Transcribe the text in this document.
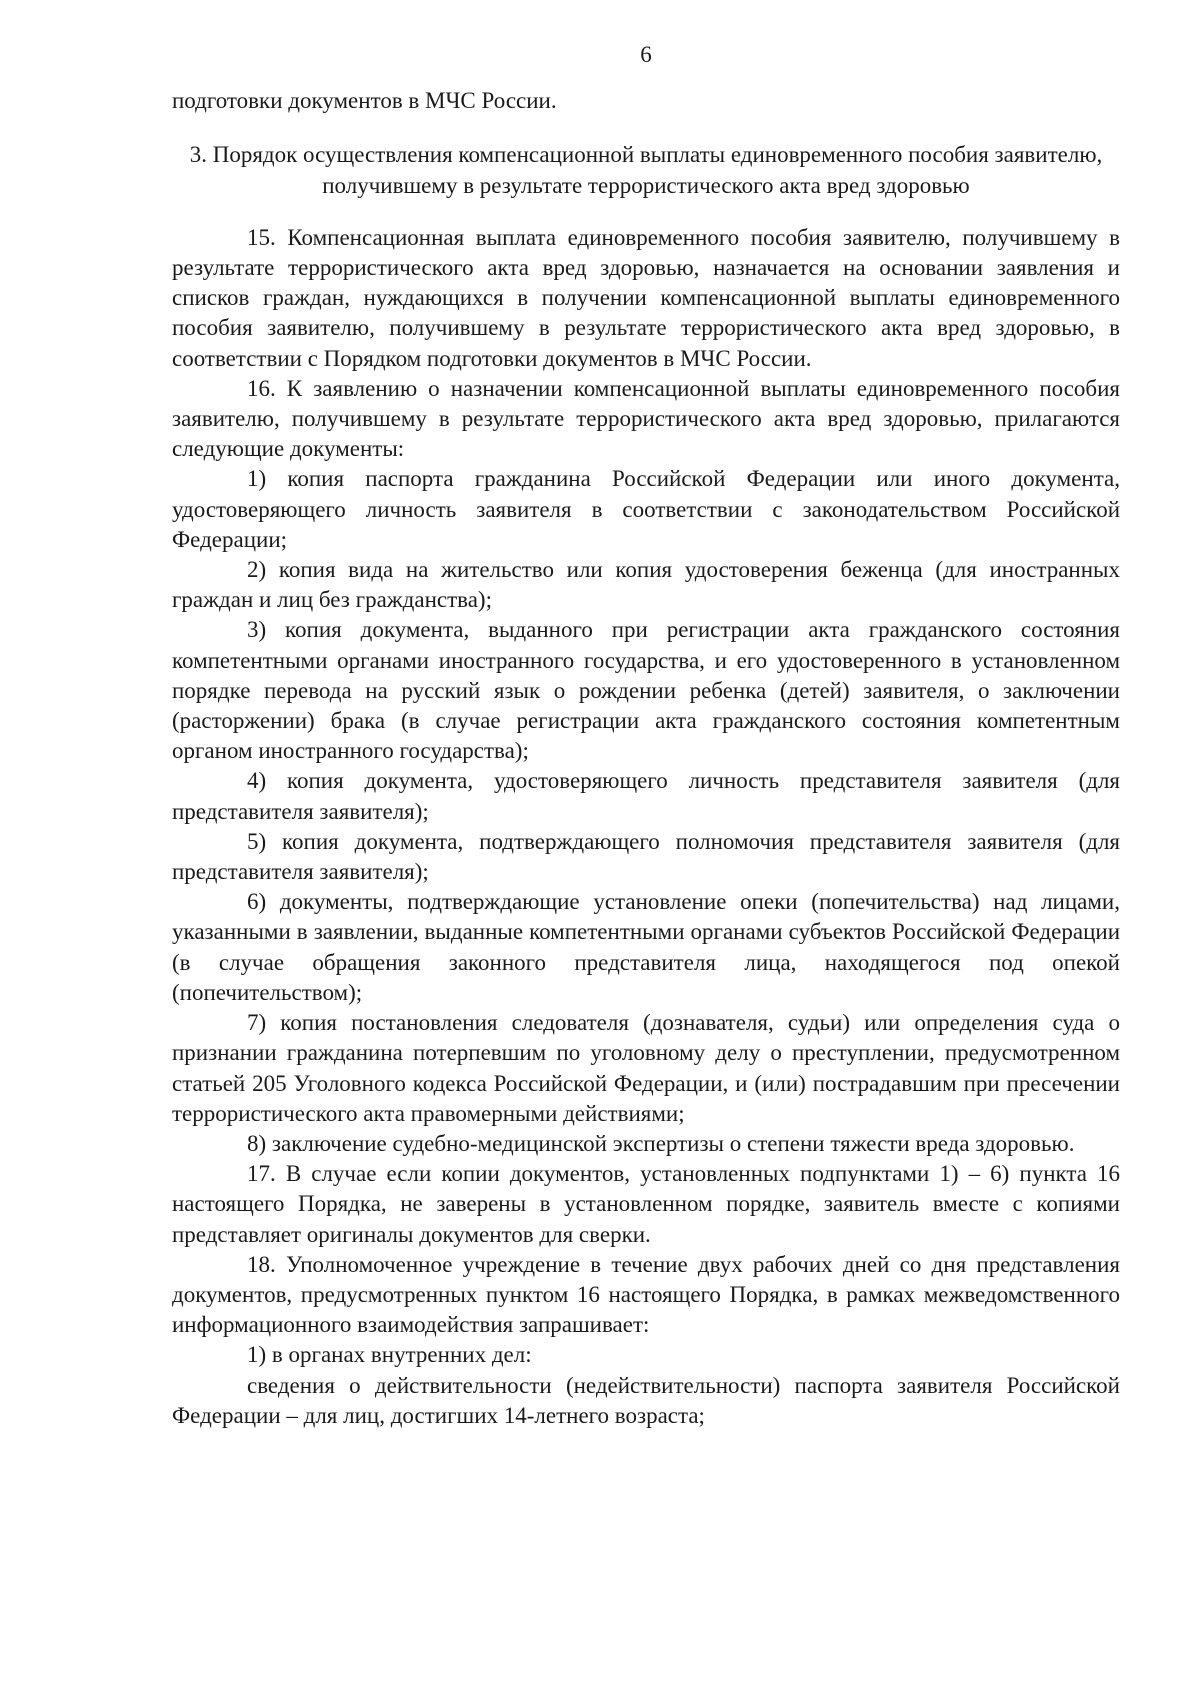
6

подготовки документов в МЧС России.

3. Порядок осуществления компенсационной выплаты единовременного пособия заявителю, получившему в результате террористического акта вред здоровью

15. Компенсационная выплата единовременного пособия заявителю, получившему в результате террористического акта вред здоровью, назначается на основании заявления и списков граждан, нуждающихся в получении компенсационной выплаты единовременного пособия заявителю, получившему в результате террористического акта вред здоровью, в соответствии с Порядком подготовки документов в МЧС России.

16. К заявлению о назначении компенсационной выплаты единовременного пособия заявителю, получившему в результате террористического акта вред здоровью, прилагаются следующие документы:

1) копия паспорта гражданина Российской Федерации или иного документа, удостоверяющего личность заявителя в соответствии с законодательством Российской Федерации;

2) копия вида на жительство или копия удостоверения беженца (для иностранных граждан и лиц без гражданства);

3) копия документа, выданного при регистрации акта гражданского состояния компетентными органами иностранного государства, и его удостоверенного в установленном порядке перевода на русский язык о рождении ребенка (детей) заявителя, о заключении (расторжении) брака (в случае регистрации акта гражданского состояния компетентным органом иностранного государства);

4) копия документа, удостоверяющего личность представителя заявителя (для представителя заявителя);

5) копия документа, подтверждающего полномочия представителя заявителя (для представителя заявителя);

6) документы, подтверждающие установление опеки (попечительства) над лицами, указанными в заявлении, выданные компетентными органами субъектов Российской Федерации (в случае обращения законного представителя лица, находящегося под опекой (попечительством);

7) копия постановления следователя (дознавателя, судьи) или определения суда о признании гражданина потерпевшим по уголовному делу о преступлении, предусмотренном статьей 205 Уголовного кодекса Российской Федерации, и (или) пострадавшим при пресечении террористического акта правомерными действиями;

8) заключение судебно-медицинской экспертизы о степени тяжести вреда здоровью.

17. В случае если копии документов, установленных подпунктами 1) – 6) пункта 16 настоящего Порядка, не заверены в установленном порядке, заявитель вместе с копиями представляет оригиналы документов для сверки.

18. Уполномоченное учреждение в течение двух рабочих дней со дня представления документов, предусмотренных пунктом 16 настоящего Порядка, в рамках межведомственного информационного взаимодействия запрашивает:

1) в органах внутренних дел:

сведения о действительности (недействительности) паспорта заявителя Российской Федерации – для лиц, достигших 14-летнего возраста;
